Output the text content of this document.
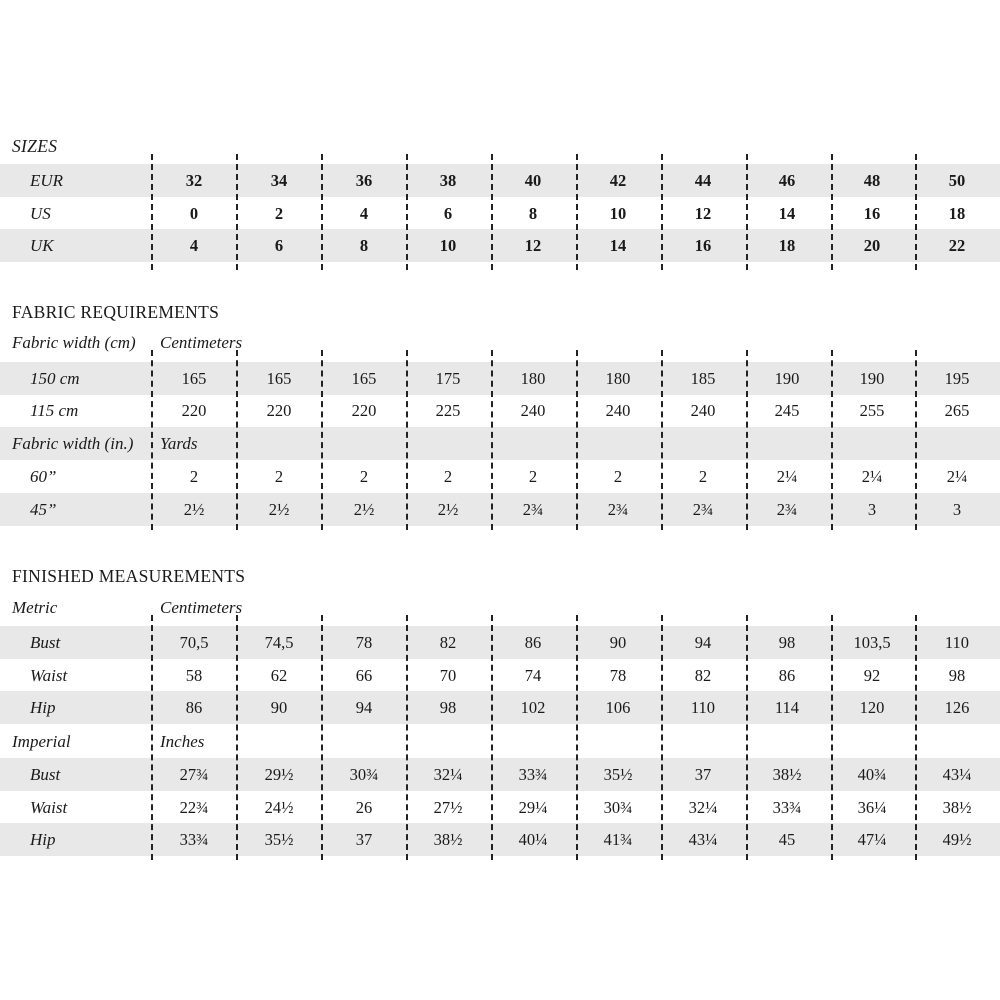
SIZES
EUR	32	34	36	38	40	42	44	46	48	50
US	0	2	4	6	8	10	12	14	16	18
UK	4	6	8	10	12	14	16	18	20	22
FABRIC REQUIREMENTS
Fabric width (cm) Centimeters
150 cm	165	165	165	175	180	180	185	190	190	195
115 cm	220	220	220	225	240	240	240	245	255	265
Fabric width (in.) Yards
60”	2	2	2	2	2	2	2	2¼	2¼	2¼
45”	2½	2½	2½	2½	2¾	2¾	2¾	2¾	3	3
FINISHED MEASUREMENTS
Metric	Centimeters
Bust	70,5	74,5	78	82	86	90	94	98	103,5	110
Waist	58	62	66	70	74	78	82	86	92	98
Hip	86	90	94	98	102	106	110	114	120	126
Imperial	Inches
Bust	27¾	29½	30¾	32¼	33¾	35½	37	38½	40¾	43¼
Waist	22¾	24½	26	27½	29¼	30¾	32¼	33¾	36¼	38½
Hip	33¾	35½	37	38½	40¼	41¾	43¼	45	47¼	49½
